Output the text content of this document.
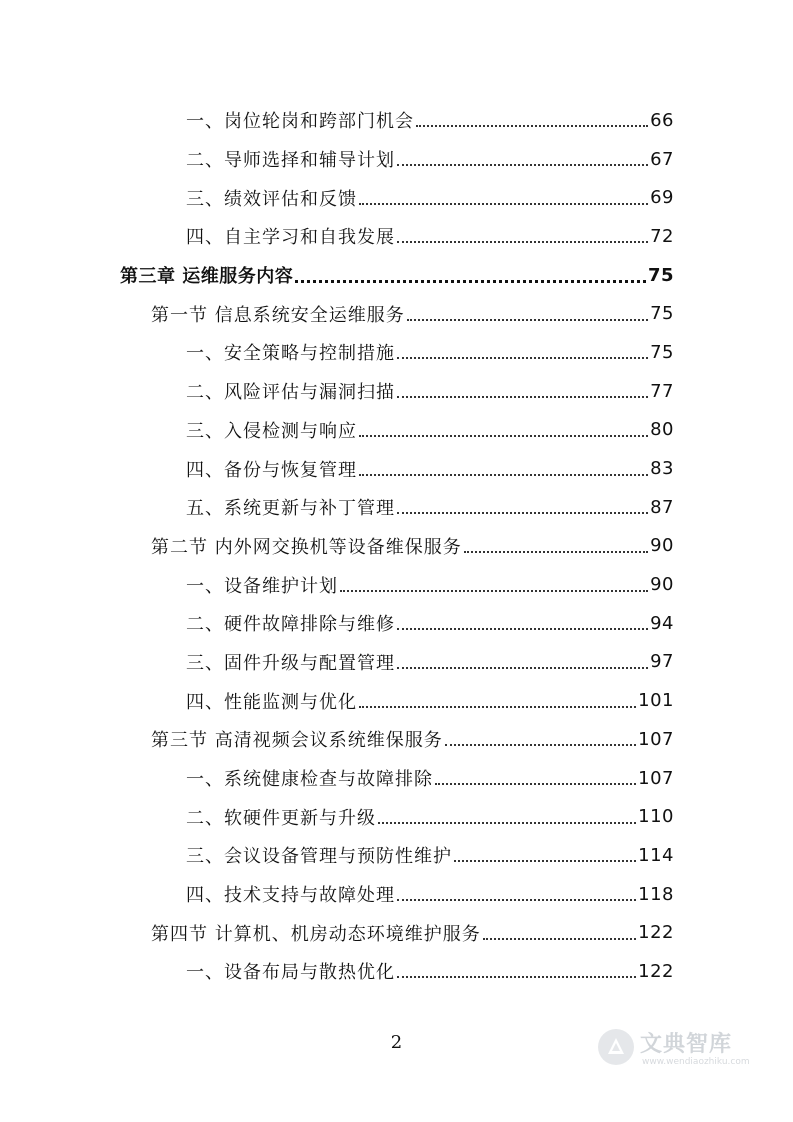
一、岗位轮岗和跨部门机会	66
二、导师选择和辅导计划	67
三、绩效评估和反馈	69
四、自主学习和自我发展	72
第三章 运维服务内容	75
第一节 信息系统安全运维服务	75
一、安全策略与控制措施	75
二、风险评估与漏洞扫描	77
三、入侵检测与响应	80
四、备份与恢复管理	83
五、系统更新与补丁管理	87
第二节 内外网交换机等设备维保服务	90
一、设备维护计划	90
二、硬件故障排除与维修	94
三、固件升级与配置管理	97
四、性能监测与优化	101
第三节 高清视频会议系统维保服务	107
一、系统健康检查与故障排除	107
二、软硬件更新与升级	110
三、会议设备管理与预防性维护	114
四、技术支持与故障处理	118
第四节 计算机、机房动态环境维护服务	122
一、设备布局与散热优化	122
2	文典智库
www.wendiaozhiku.com
